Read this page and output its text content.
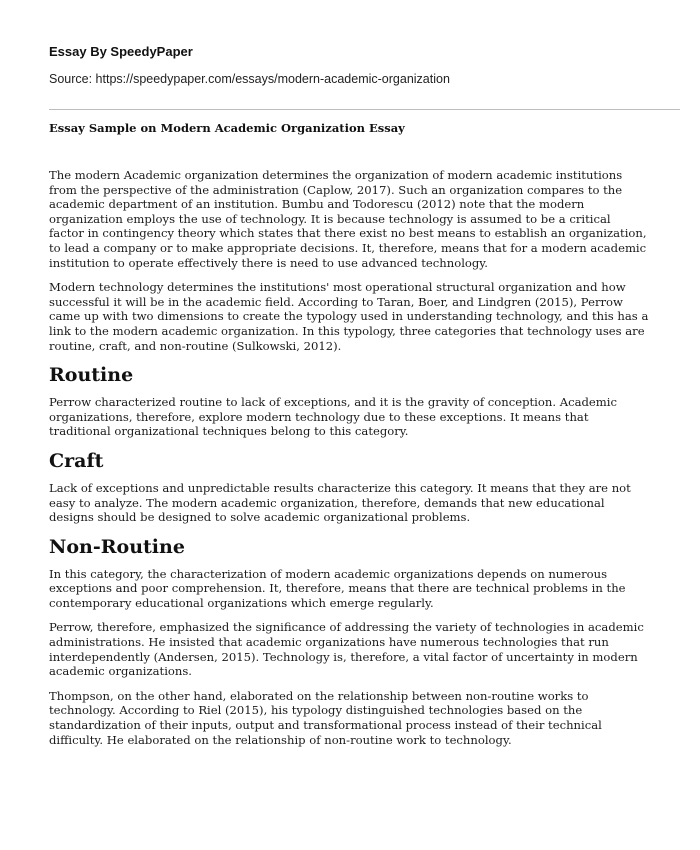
Essay By SpeedyPaper

Source: https://speedypaper.com/essays/modern-academic-organization

Essay Sample on Modern Academic Organization Essay

The modern Academic organization determines the organization of modern academic institutions from the perspective of the administration (Caplow, 2017). Such an organization compares to the academic department of an institution. Bumbu and Todorescu (2012) note that the modern organization employs the use of technology. It is because technology is assumed to be a critical factor in contingency theory which states that there exist no best means to establish an organization, to lead a company or to make appropriate decisions. It, therefore, means that for a modern academic institution to operate effectively there is need to use advanced technology.

Modern technology determines the institutions' most operational structural organization and how successful it will be in the academic field. According to Taran, Boer, and Lindgren (2015), Perrow came up with two dimensions to create the typology used in understanding technology, and this has a link to the modern academic organization. In this typology, three categories that technology uses are routine, craft, and non-routine (Sulkowski, 2012).

Routine

Perrow characterized routine to lack of exceptions, and it is the gravity of conception. Academic organizations, therefore, explore modern technology due to these exceptions. It means that traditional organizational techniques belong to this category.

Craft

Lack of exceptions and unpredictable results characterize this category. It means that they are not easy to analyze. The modern academic organization, therefore, demands that new educational designs should be designed to solve academic organizational problems.

Non-Routine

In this category, the characterization of modern academic organizations depends on numerous exceptions and poor comprehension. It, therefore, means that there are technical problems in the contemporary educational organizations which emerge regularly.

Perrow, therefore, emphasized the significance of addressing the variety of technologies in academic administrations. He insisted that academic organizations have numerous technologies that run interdependently (Andersen, 2015). Technology is, therefore, a vital factor of uncertainty in modern academic organizations.

Thompson, on the other hand, elaborated on the relationship between non-routine works to technology. According to Riel (2015), his typology distinguished technologies based on the standardization of their inputs, output and transformational process instead of their technical difficulty. He elaborated on the relationship of non-routine work to technology.
